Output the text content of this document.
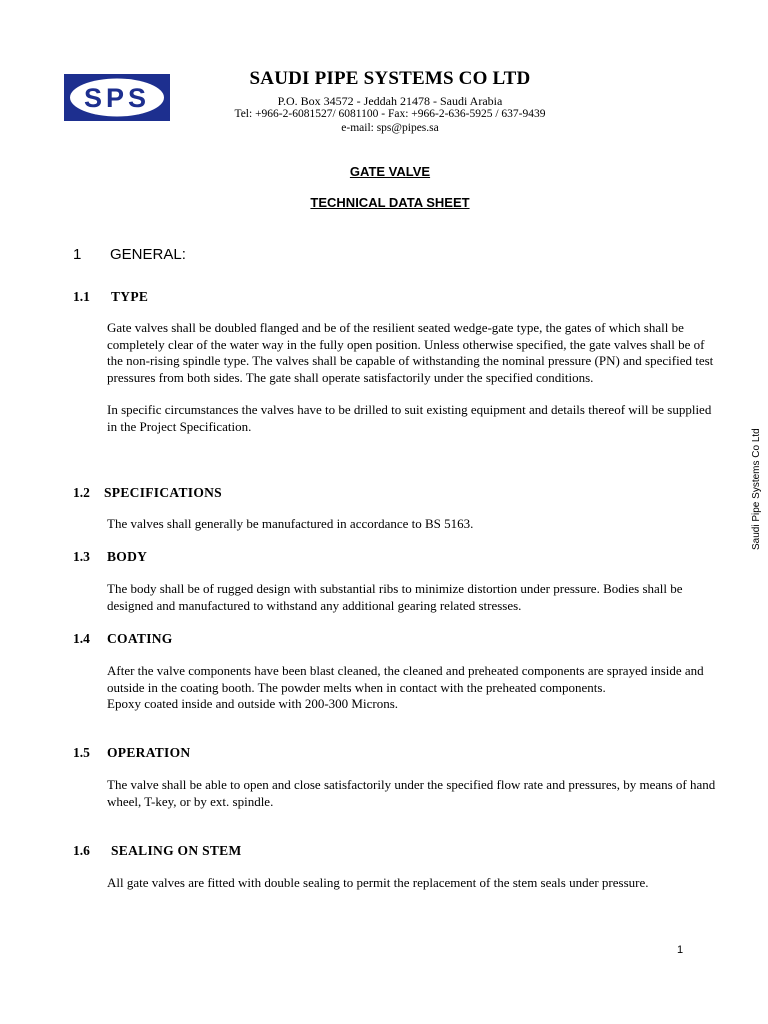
SPS
SAUDI PIPE SYSTEMS CO LTD
P.O. Box 34572 - Jeddah 21478 - Saudi Arabia
Tel: +966-2-6081527/ 6081100 - Fax: +966-2-636-5925 / 637-9439
e-mail: sps@pipes.sa
GATE VALVE
TECHNICAL DATA SHEET
1 GENERAL:
1.1 TYPE

Gate valves shall be doubled flanged and be of the resilient seated wedge-gate type, the gates of which shall be completely clear of the water way in the fully open position. Unless otherwise specified, the gate valves shall be of the non-rising spindle type. The valves shall be capable of withstanding the nominal pressure (PN) and specified test pressures from both sides. The gate shall operate satisfactorily under the specified conditions.

In specific circumstances the valves have to be drilled to suit existing equipment and details thereof will be supplied in the Project Specification.

1.2 SPECIFICATIONS

The valves shall generally be manufactured in accordance to BS 5163.

1.3 BODY

The body shall be of rugged design with substantial ribs to minimize distortion under pressure. Bodies shall be designed and manufactured to withstand any additional gearing related stresses.

1.4 COATING

After the valve components have been blast cleaned, the cleaned and preheated components are sprayed inside and outside in the coating booth. The powder melts when in contact with the preheated components.

Epoxy coated inside and outside with 200-300 Microns.

1.5 OPERATION

The valve shall be able to open and close satisfactorily under the specified flow rate and pressures, by means of hand wheel, T-key, or by ext. spindle.

1.6 SEALING ON STEM

All gate valves are fitted with double sealing to permit the replacement of the stem seals under pressure.

Saudi Pipe Systems Co Ltd
1
